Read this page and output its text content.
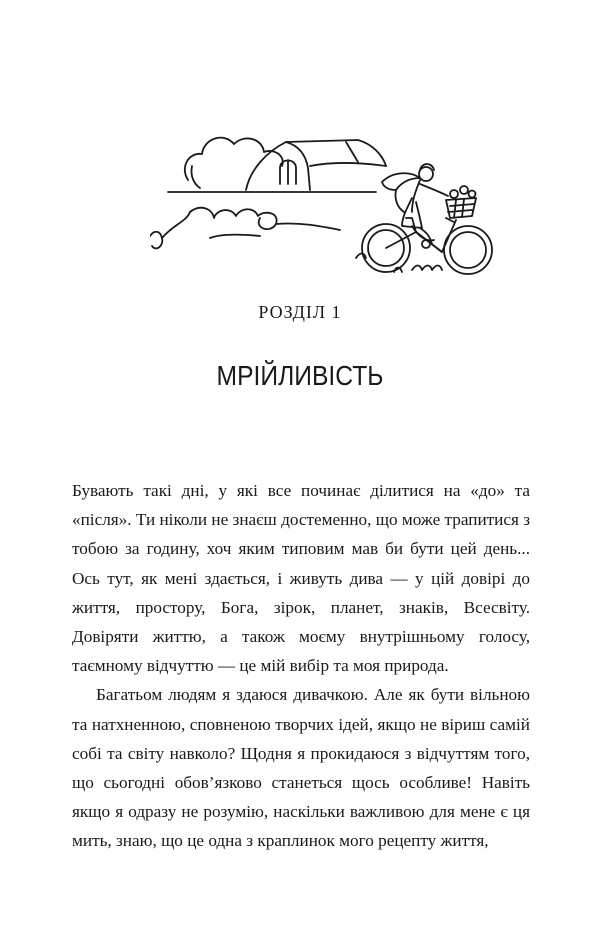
РОЗДІЛ 1
МРІЙЛИВІСТЬ

Бувають такі дні, у які все починає ділитися на «до» та «після». Ти ніколи не знаєш достеменно, що може трапитися з тобою за годину, хоч яким типовим мав би бути цей день... Ось тут, як мені здається, і живуть дива — у цій довірі до життя, простору, Бога, зірок, планет, знаків, Всесвіту. Довіряти життю, а також моєму внутрішньому голосу, таємному відчуттю — це мій вибір та моя природа.

Багатьом людям я здаюся дивачкою. Але як бути вільною та натхненною, сповненою творчих ідей, якщо не віриш самій собі та світу навколо? Щодня я прокидаюся з відчуттям того, що сьогодні обов’язково станеться щось особливе! Навіть якщо я одразу не розумію, наскільки важливою для мене є ця мить, знаю, що це одна з краплинок мого рецепту життя,
